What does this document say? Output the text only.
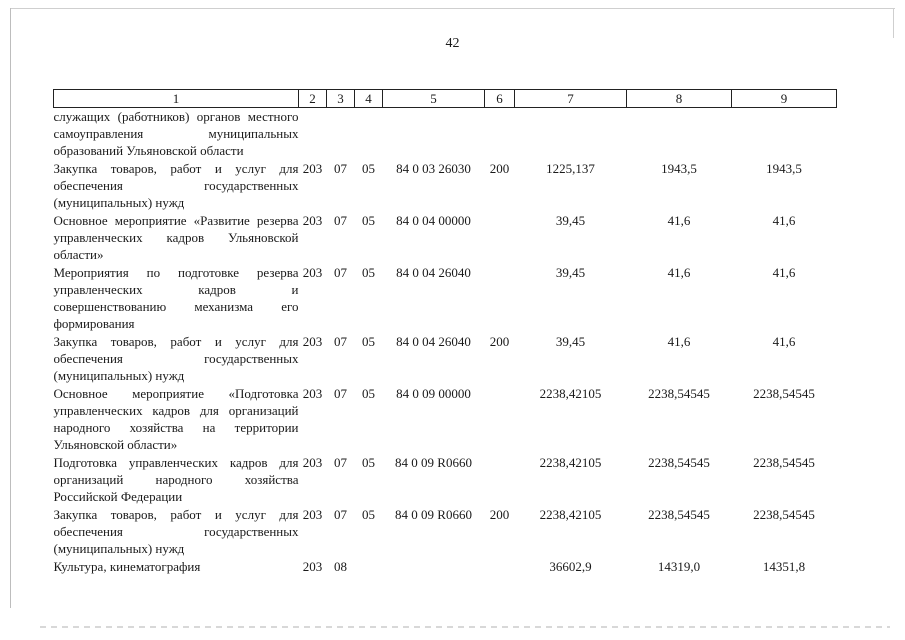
42
1	2	3	4	5	6	7	8	9
служащих (работников) органов местного самоуправления муниципальных образований Ульяновской области								
Закупка товаров, работ и услуг для обеспечения государственных (муниципальных) нужд	203	07	05	84 0 03 26030	200	1225,137	1943,5	1943,5
Основное мероприятие «Развитие резерва управленческих кадров Ульяновской области»	203	07	05	84 0 04 00000		39,45	41,6	41,6
Мероприятия по подготовке резерва управленческих кадров и совершенствованию механизма его формирования	203	07	05	84 0 04 26040		39,45	41,6	41,6
Закупка товаров, работ и услуг для обеспечения государственных (муниципальных) нужд	203	07	05	84 0 04 26040	200	39,45	41,6	41,6
Основное мероприятие «Подготовка управленческих кадров для организаций народного хозяйства на территории Ульяновской области»	203	07	05	84 0 09 00000		2238,42105	2238,54545	2238,54545
Подготовка управленческих кадров для организаций народного хозяйства Российской Федерации	203	07	05	84 0 09 R0660		2238,42105	2238,54545	2238,54545
Закупка товаров, работ и услуг для обеспечения государственных (муниципальных) нужд	203	07	05	84 0 09 R0660	200	2238,42105	2238,54545	2238,54545
Культура, кинематография	203	08				36602,9	14319,0	14351,8
